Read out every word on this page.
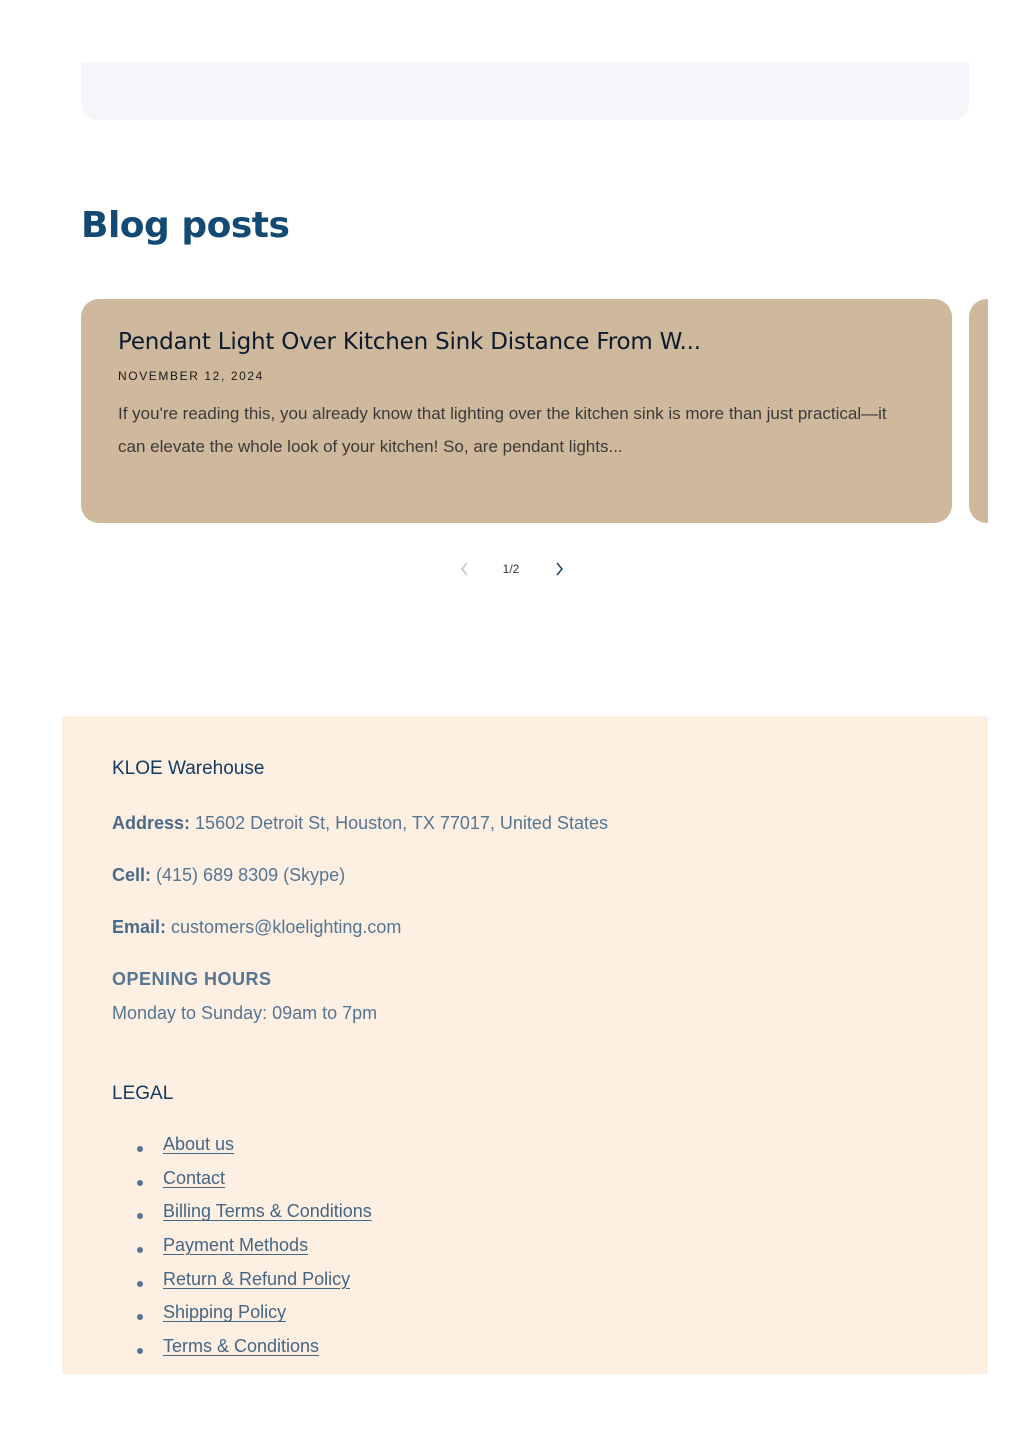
Blog posts
Pendant Light Over Kitchen Sink Distance From W...
NOVEMBER 12, 2024
If you're reading this, you already know that lighting over the kitchen sink is more than just practical—it can elevate the whole look of your kitchen! So, are pendant lights...
1/2
KLOE Warehouse

Address: 15602 Detroit St, Houston, TX 77017, United States

Cell: (415) 689 8309 (Skype)

Email: customers@kloelighting.com

OPENING HOURS

Monday to Sunday: 09am to 7pm

LEGAL
About us
Contact
Billing Terms & Conditions
Payment Methods
Return & Refund Policy
Shipping Policy
Terms & Conditions
